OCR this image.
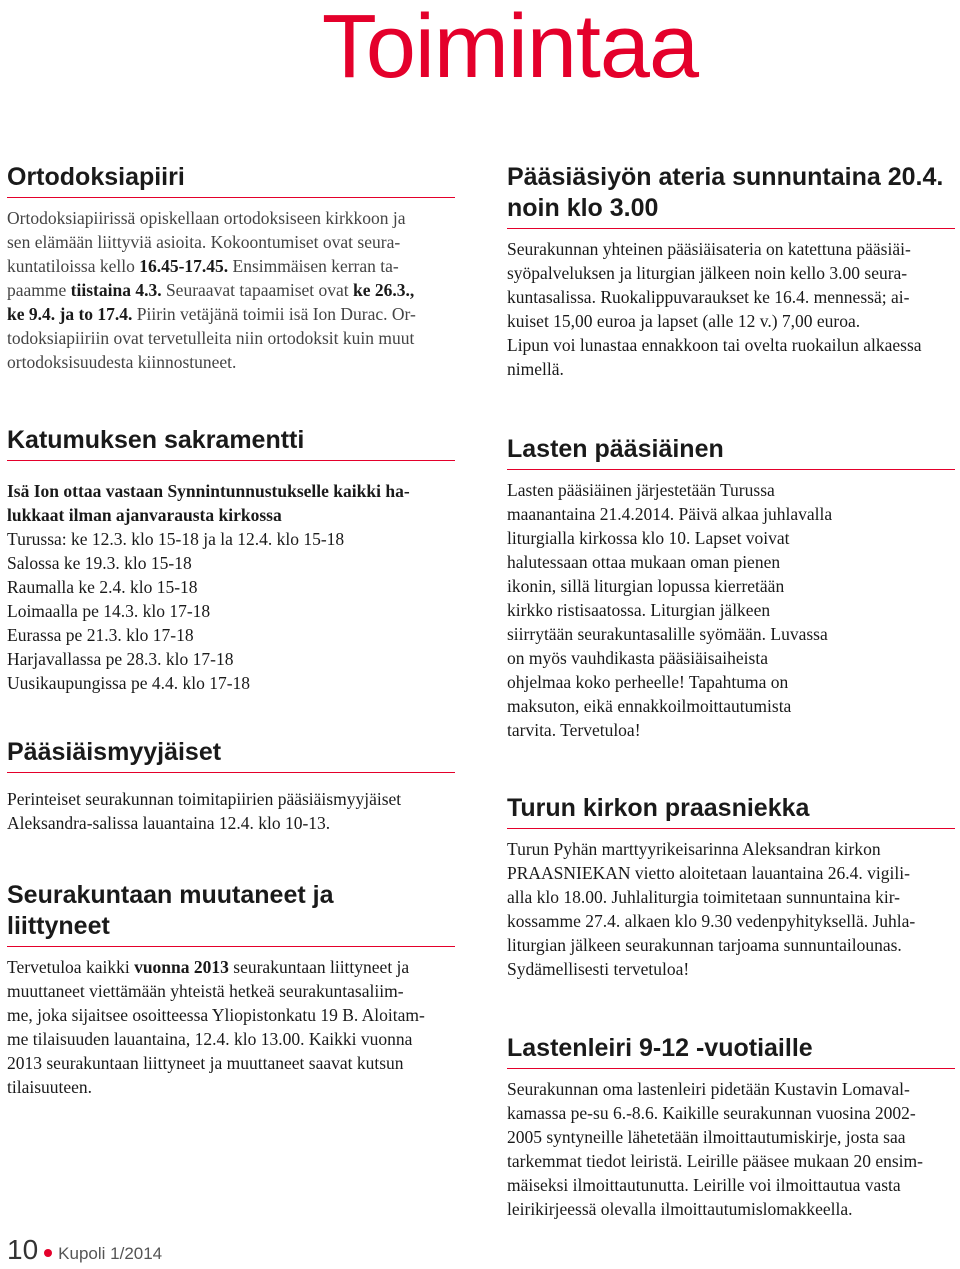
Toimintaa
Ortodoksiapiiri
Ortodoksiapiirissä opiskellaan ortodoksiseen kirkkoon ja
sen elämään liittyviä asioita. Kokoontumiset ovat seura-
kuntatiloissa kello 16.45-17.45. Ensimmäisen kerran ta-
paamme tiistaina 4.3. Seuraavat tapaamiset ovat ke 26.3.,
ke 9.4. ja to 17.4. Piirin vetäjänä toimii isä Ion Durac. Or-
todoksiapiiriin ovat tervetulleita niin ortodoksit kuin muut
ortodoksisuudesta kiinnostuneet.
Katumuksen sakramentti
Isä Ion ottaa vastaan Synnintunnustukselle kaikki ha-
lukkaat ilman ajanvarausta kirkossa
Turussa: ke 12.3. klo 15-18 ja la 12.4. klo 15-18
Salossa ke 19.3. klo 15-18
Raumalla ke 2.4. klo 15-18
Loimaalla pe 14.3. klo 17-18
Eurassa pe 21.3. klo 17-18
Harjavallassa pe 28.3. klo 17-18
Uusikaupungissa pe 4.4. klo 17-18
Pääsiäismyyjäiset
Perinteiset seurakunnan toimitapiirien pääsiäismyyjäiset
Aleksandra-salissa lauantaina 12.4. klo 10-13.
Seurakuntaan muutaneet ja
liittyneet
Tervetuloa kaikki vuonna 2013 seurakuntaan liittyneet ja
muuttaneet viettämään yhteistä hetkeä seurakuntasaliim-
me, joka sijaitsee osoitteessa Yliopistonkatu 19 B. Aloitam-
me tilaisuuden lauantaina, 12.4. klo 13.00. Kaikki vuonna
2013 seurakuntaan liittyneet ja muuttaneet saavat kutsun
tilaisuuteen.
Pääsiäsiyön ateria sunnuntaina 20.4.
noin klo 3.00
Seurakunnan yhteinen pääsiäisateria on katettuna pääsiäi-
syöpalveluksen ja liturgian jälkeen noin kello 3.00 seura-
kuntasalissa. Ruokalippuvaraukset ke 16.4. mennessä; ai-
kuiset 15,00 euroa ja lapset (alle 12 v.) 7,00 euroa.
Lipun voi lunastaa ennakkoon tai ovelta ruokailun alkaessa
nimellä.
Lasten pääsiäinen
Lasten pääsiäinen järjestetään Turussa
maanantaina 21.4.2014. Päivä alkaa juhlavalla
liturgialla kirkossa klo 10. Lapset voivat
halutessaan ottaa mukaan oman pienen
ikonin, sillä liturgian lopussa kierretään
kirkko ristisaatossa. Liturgian jälkeen
siirrytään seurakuntasalille syömään. Luvassa
on myös vauhdikasta pääsiäisaiheista
ohjelmaa koko perheelle! Tapahtuma on
maksuton, eikä ennakkoilmoittautumista
tarvita. Tervetuloa!
Turun kirkon praasniekka
Turun Pyhän marttyyrikeisarinna Aleksandran kirkon
PRAASNIEKAN vietto aloitetaan lauantaina 26.4. vigili-
alla klo 18.00. Juhlaliturgia toimitetaan sunnuntaina kir-
kossamme 27.4. alkaen klo 9.30 vedenpyhityksellä. Juhla-
liturgian jälkeen seurakunnan tarjoama sunnuntailounas.
Sydämellisesti tervetuloa!
Lastenleiri 9-12 -vuotiaille
Seurakunnan oma lastenleiri pidetään Kustavin Lomaval-
kamassa pe-su 6.-8.6. Kaikille seurakunnan vuosina 2002-
2005 syntyneille lähetetään ilmoittautumiskirje, josta saa
tarkemmat tiedot leiristä. Leirille pääsee mukaan 20 ensim-
mäiseksi ilmoittautunutta. Leirille voi ilmoittautua vasta
leirikirjeessä olevalla ilmoittautumislomakkeella.
10 Kupoli 1/2014
